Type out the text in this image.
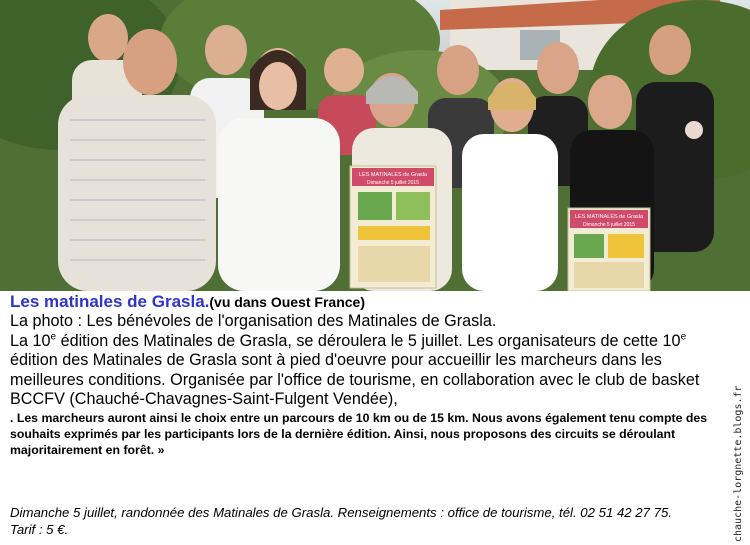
LES MATINALES de Grasla
Dimanche 5 juillet 2015
LES MATINALES de Grasla
Dimanche 5 juillet 2015

Les matinales de Grasla.(vu dans Ouest France)

La photo : Les bénévoles de l'organisation des Matinales de Grasla.

La 10e édition des Matinales de Grasla, se déroulera le 5 juillet. Les organisateurs de cette 10e édition des Matinales de Grasla sont à pied d'oeuvre pour accueillir les marcheurs dans les meilleures conditions. Organisée par l'office de tourisme, en collaboration avec le club de basket BCCFV (Chauché-Chavagnes-Saint-Fulgent Vendée),

. Les marcheurs auront ainsi le choix entre un parcours de 10 km ou de 15 km. Nous avons également tenu compte des souhaits exprimés par les participants lors de la dernière édition. Ainsi, nous proposons des circuits se déroulant majoritairement en forêt. »

Dimanche 5 juillet, randonnée des Matinales de Grasla. Renseignements : office de tourisme, tél. 02 51 42 27 75.

Tarif : 5 €.	chauche-lorgnette.blogs.fr
